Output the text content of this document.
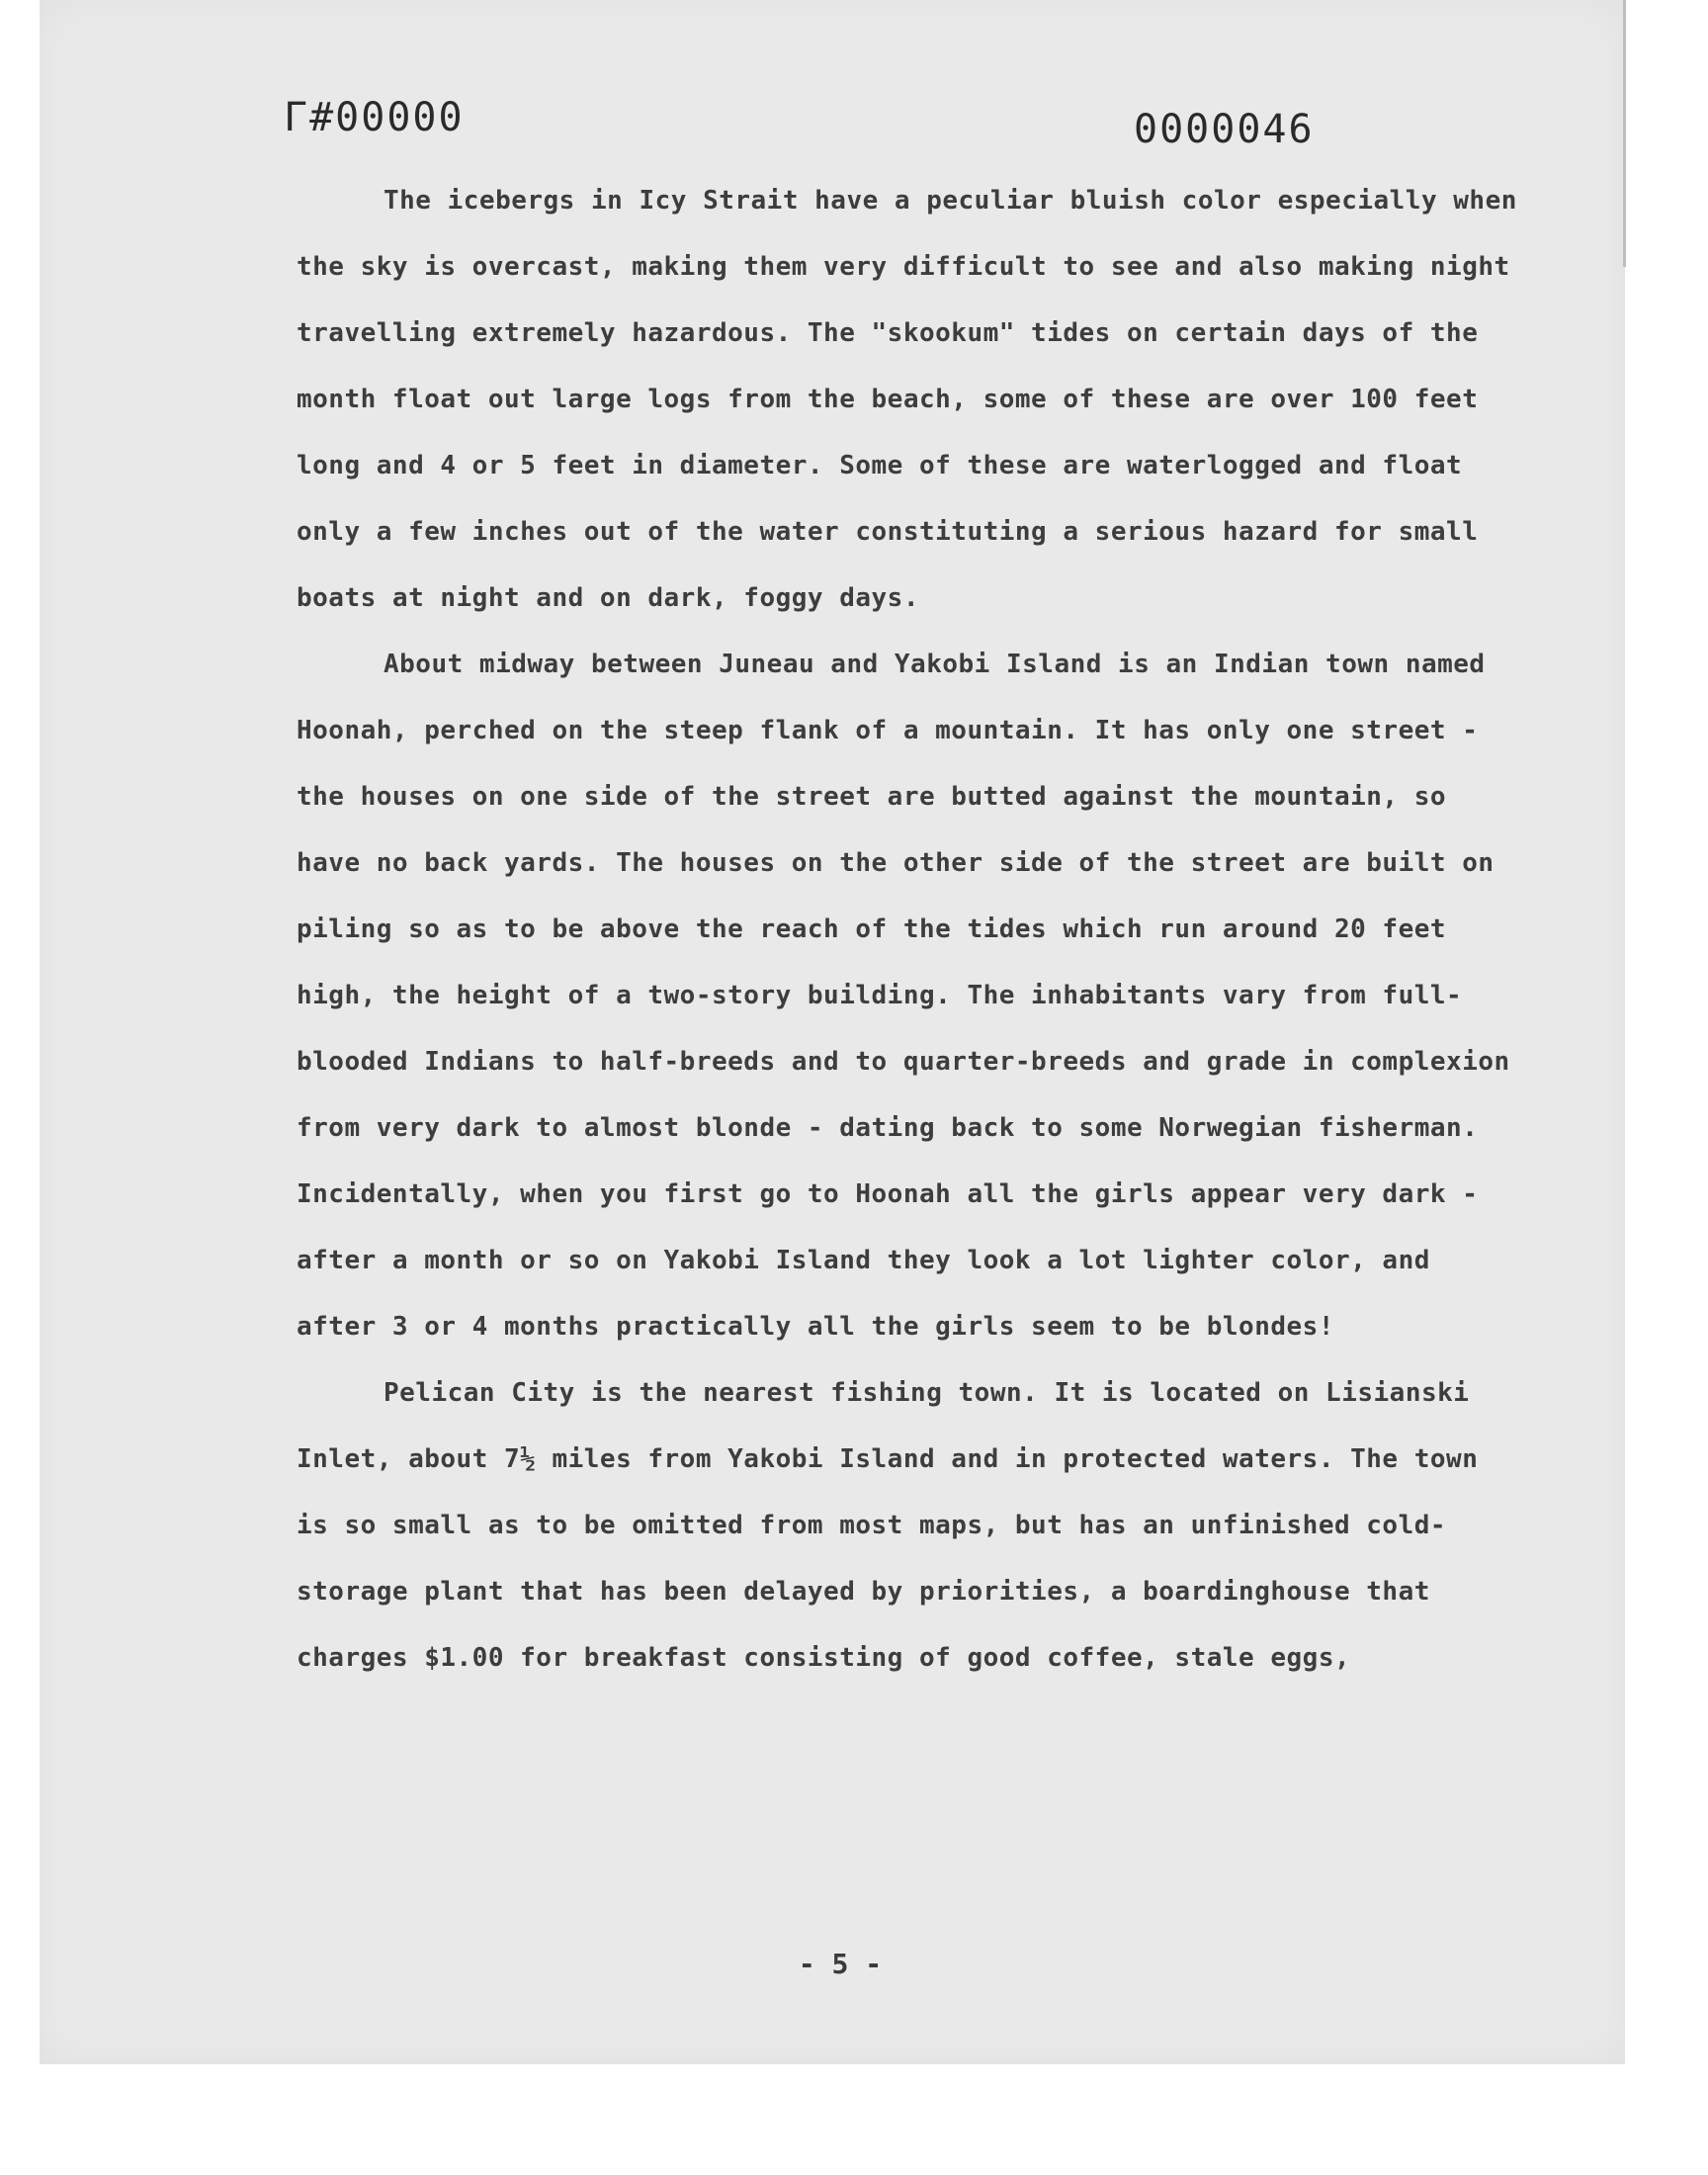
Γ#00000	0000046

The icebergs in Icy Strait have a peculiar bluish color especially when the sky is overcast, making them very difficult to see and also making night travelling extremely hazardous. The "skookum" tides on certain days of the month float out large logs from the beach, some of these are over 100 feet long and 4 or 5 feet in diameter. Some of these are waterlogged and float only a few inches out of the water constituting a serious hazard for small boats at night and on dark, foggy days.

About midway between Juneau and Yakobi Island is an Indian town named Hoonah, perched on the steep flank of a mountain. It has only one street - the houses on one side of the street are butted against the mountain, so have no back yards. The houses on the other side of the street are built on piling so as to be above the reach of the tides which run around 20 feet high, the height of a two-story building. The inhabitants vary from full-blooded Indians to half-breeds and to quarter-breeds and grade in complexion from very dark to almost blonde - dating back to some Norwegian fisherman. Incidentally, when you first go to Hoonah all the girls appear very dark - after a month or so on Yakobi Island they look a lot lighter color, and after 3 or 4 months practically all the girls seem to be blondes!

Pelican City is the nearest fishing town. It is located on Lisianski Inlet, about 7½ miles from Yakobi Island and in protected waters. The town is so small as to be omitted from most maps, but has an unfinished cold-storage plant that has been delayed by priorities, a boardinghouse that charges $1.00 for breakfast consisting of good coffee, stale eggs,

- 5 -
